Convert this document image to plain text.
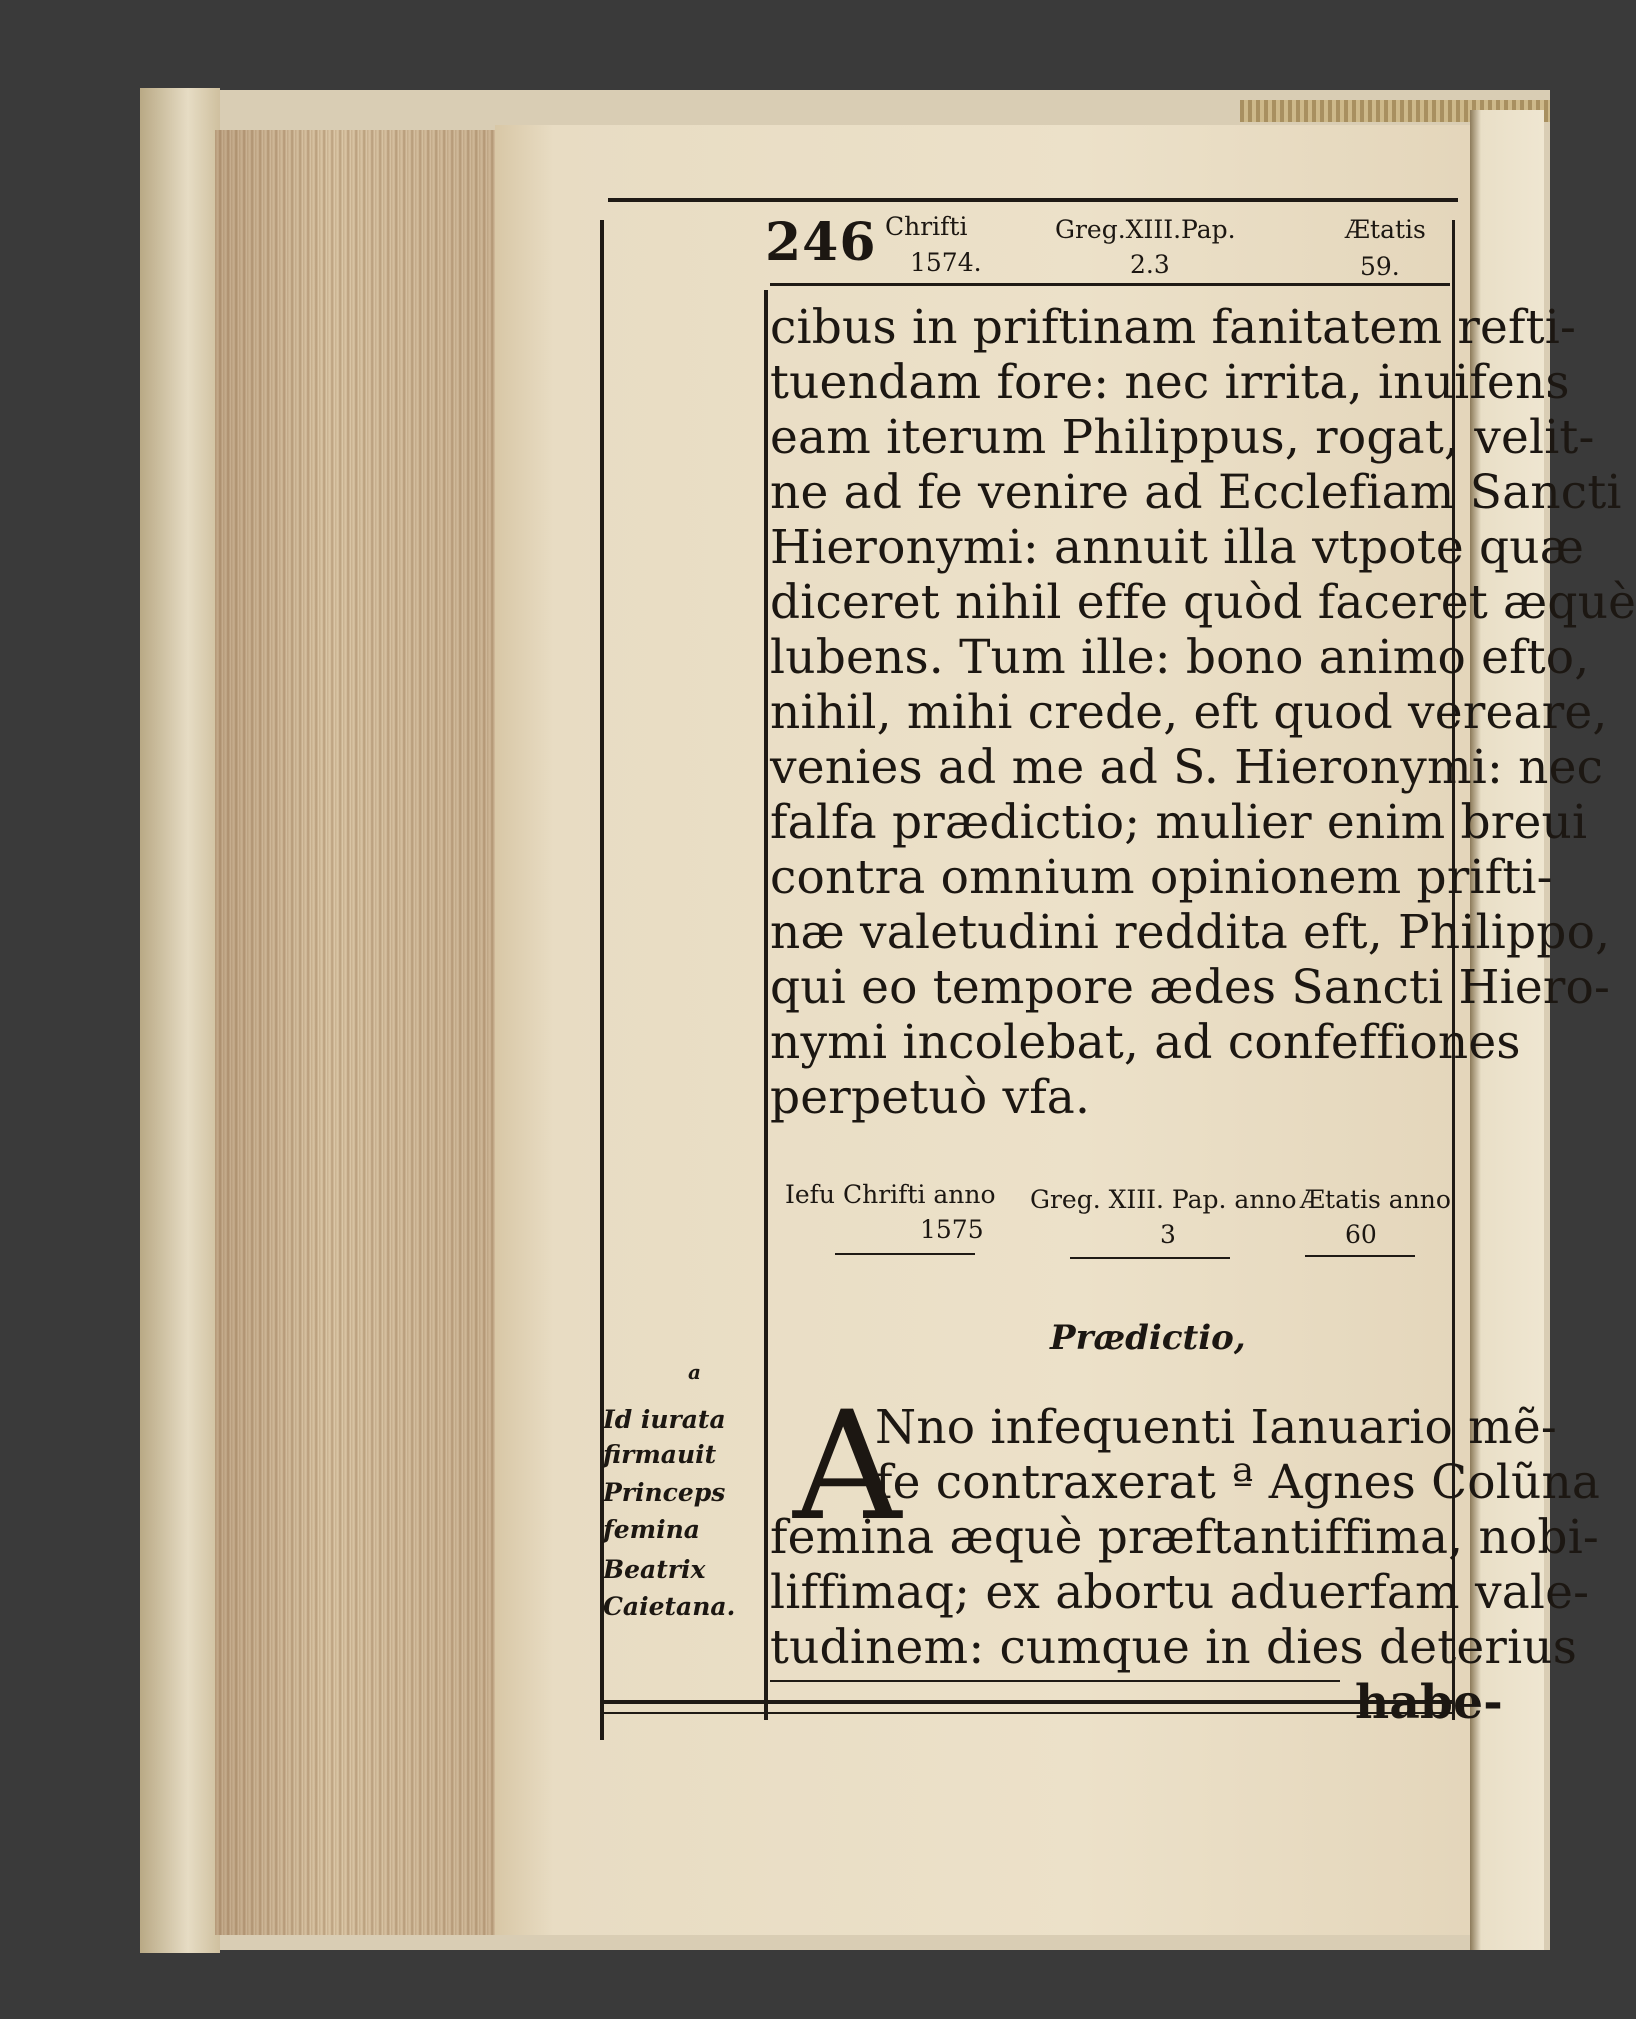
246 Chrifti
1574.
Greg.XIII.Pap.
2.3
Ætatis
59.
cibus in priftinam fanitatem refti-
tuendam fore: nec irrita, inuifens
eam iterum Philippus, rogat, velit-
ne ad fe venire ad Ecclefiam Sancti
Hieronymi: annuit illa vtpote quæ
diceret nihil effe quòd faceret æquè
lubens. Tum ille: bono animo efto,
nihil, mihi crede, eft quod vereare,
venies ad me ad S. Hieronymi: nec
falfa prædictio; mulier enim breui
contra omnium opinionem prifti-
næ valetudini reddita eft, Philippo,
qui eo tempore ædes Sancti Hiero-
nymi incolebat, ad confeffiones
perpetuò vfa.
Iefu Chrifti anno
1575
Greg. XIII. Pap. anno
3
Ætatis anno
60
Prædictio,
A
Nno infequenti Ianuario mẽ-
fe contraxerat ª Agnes Colũna
femina æquè præftantiffima, nobi-
liffimaq; ex abortu aduerfam vale-
tudinem: cumque in dies deterius
habe-
a
Id iurata
firmauit
Princeps
femina
Beatrix
Caietana.
